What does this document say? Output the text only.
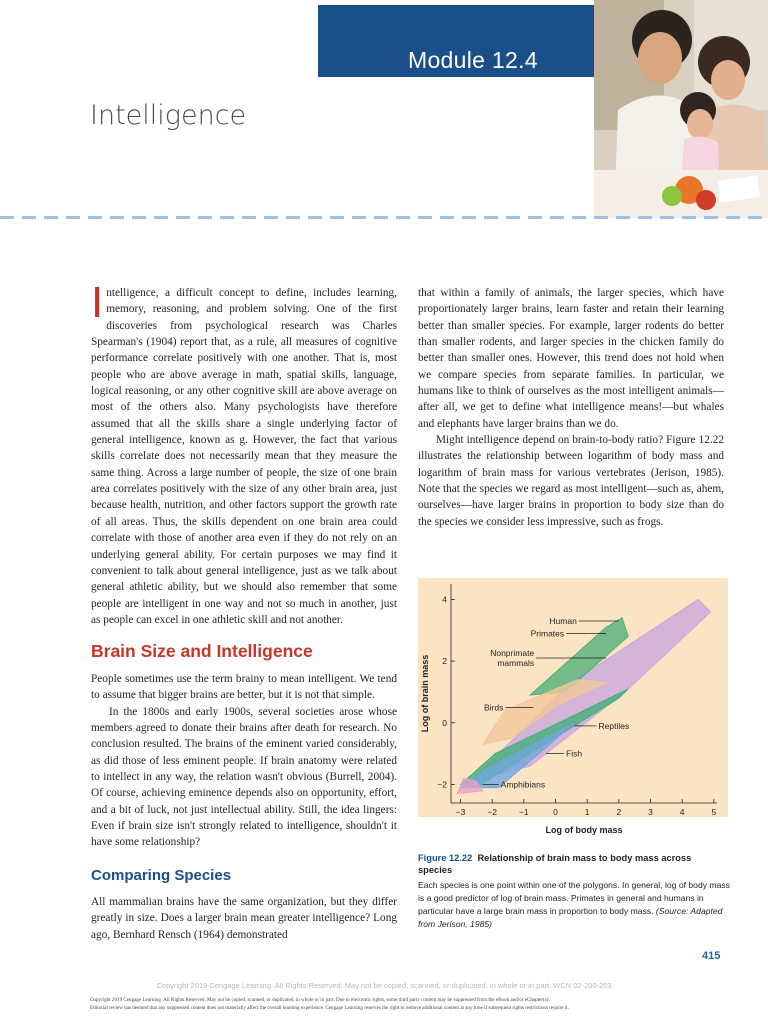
Module 12.4
Intelligence
I ntelligence, a difficult concept to define, includes learning, memory, reasoning, and problem solving. One of the first discoveries from psychological research was Charles Spearman's (1904) report that, as a rule, all measures of cognitive performance correlate positively with one another. That is, most people who are above average in math, spatial skills, language, logical reasoning, or any other cognitive skill are above average on most of the others also. Many psychologists have therefore assumed that all the skills share a single underlying factor of general intelligence, known as g. However, the fact that various skills correlate does not necessarily mean that they measure the same thing. Across a large number of people, the size of one brain area correlates positively with the size of any other brain area, just because health, nutrition, and other factors support the growth rate of all areas. Thus, the skills dependent on one brain area could correlate with those of another area even if they do not rely on an underlying general ability. For certain purposes we may find it convenient to talk about general intelligence, just as we talk about general athletic ability, but we should also remember that some people are intelligent in one way and not so much in another, just as people can excel in one athletic skill and not another.

Brain Size and Intelligence

People sometimes use the term brainy to mean intelligent. We tend to assume that bigger brains are better, but it is not that simple.

In the 1800s and early 1900s, several societies arose whose members agreed to donate their brains after death for research. No conclusion resulted. The brains of the eminent varied considerably, as did those of less eminent people. If brain anatomy were related to intellect in any way, the relation wasn't obvious (Burrell, 2004). Of course, achieving eminence depends also on opportunity, effort, and a bit of luck, not just intellectual ability. Still, the idea lingers: Even if brain size isn't strongly related to intelligence, shouldn't it have some relationship?

Comparing Species

All mammalian brains have the same organization, but they differ greatly in size. Does a larger brain mean greater intelligence? Long ago, Bernhard Rensch (1964) demonstrated

that within a family of animals, the larger species, which have proportionately larger brains, learn faster and retain their learning better than smaller species. For example, larger rodents do better than smaller rodents, and larger species in the chicken family do better than smaller ones. However, this trend does not hold when we compare species from separate families. In particular, we humans like to think of ourselves as the most intelligent animals—after all, we get to define what intelligence means!—but whales and elephants have larger brains than we do.

Might intelligence depend on brain-to-body ratio? Figure 12.22 illustrates the relationship between logarithm of body mass and logarithm of brain mass for various vertebrates (Jerison, 1985). Note that the species we regard as most intelligent—such as, ahem, ourselves—have larger brains in proportion to body size than do the species we consider less impressive, such as frogs.

−3	−2	−1	0	1	2	3	4	5
−2
0
2
4
Log of body mass
Log of brain mass
Human
Primates
Nonprimate mammals
Birds
Reptiles
Fish
Amphibians
Figure 12.22 Relationship of brain mass to body mass across species
Each species is one point within one of the polygons. In general, log of body mass is a good predictor of log of brain mass. Primates in general and humans in particular have a large brain mass in proportion to body mass. (Source: Adapted from Jerison, 1985)
415
Copyright 2019 Cengage Learning. All Rights Reserved. May not be copied, scanned, or duplicated, in whole or in part. WCN 02-200-203
Copyright 2019 Cengage Learning. All Rights Reserved. May not be copied, scanned, or duplicated, in whole or in part. Due to electronic rights, some third party content may be suppressed from the eBook and/or eChapter(s).
Editorial review has deemed that any suppressed content does not materially affect the overall learning experience. Cengage Learning reserves the right to remove additional content at any time if subsequent rights restrictions require it.
